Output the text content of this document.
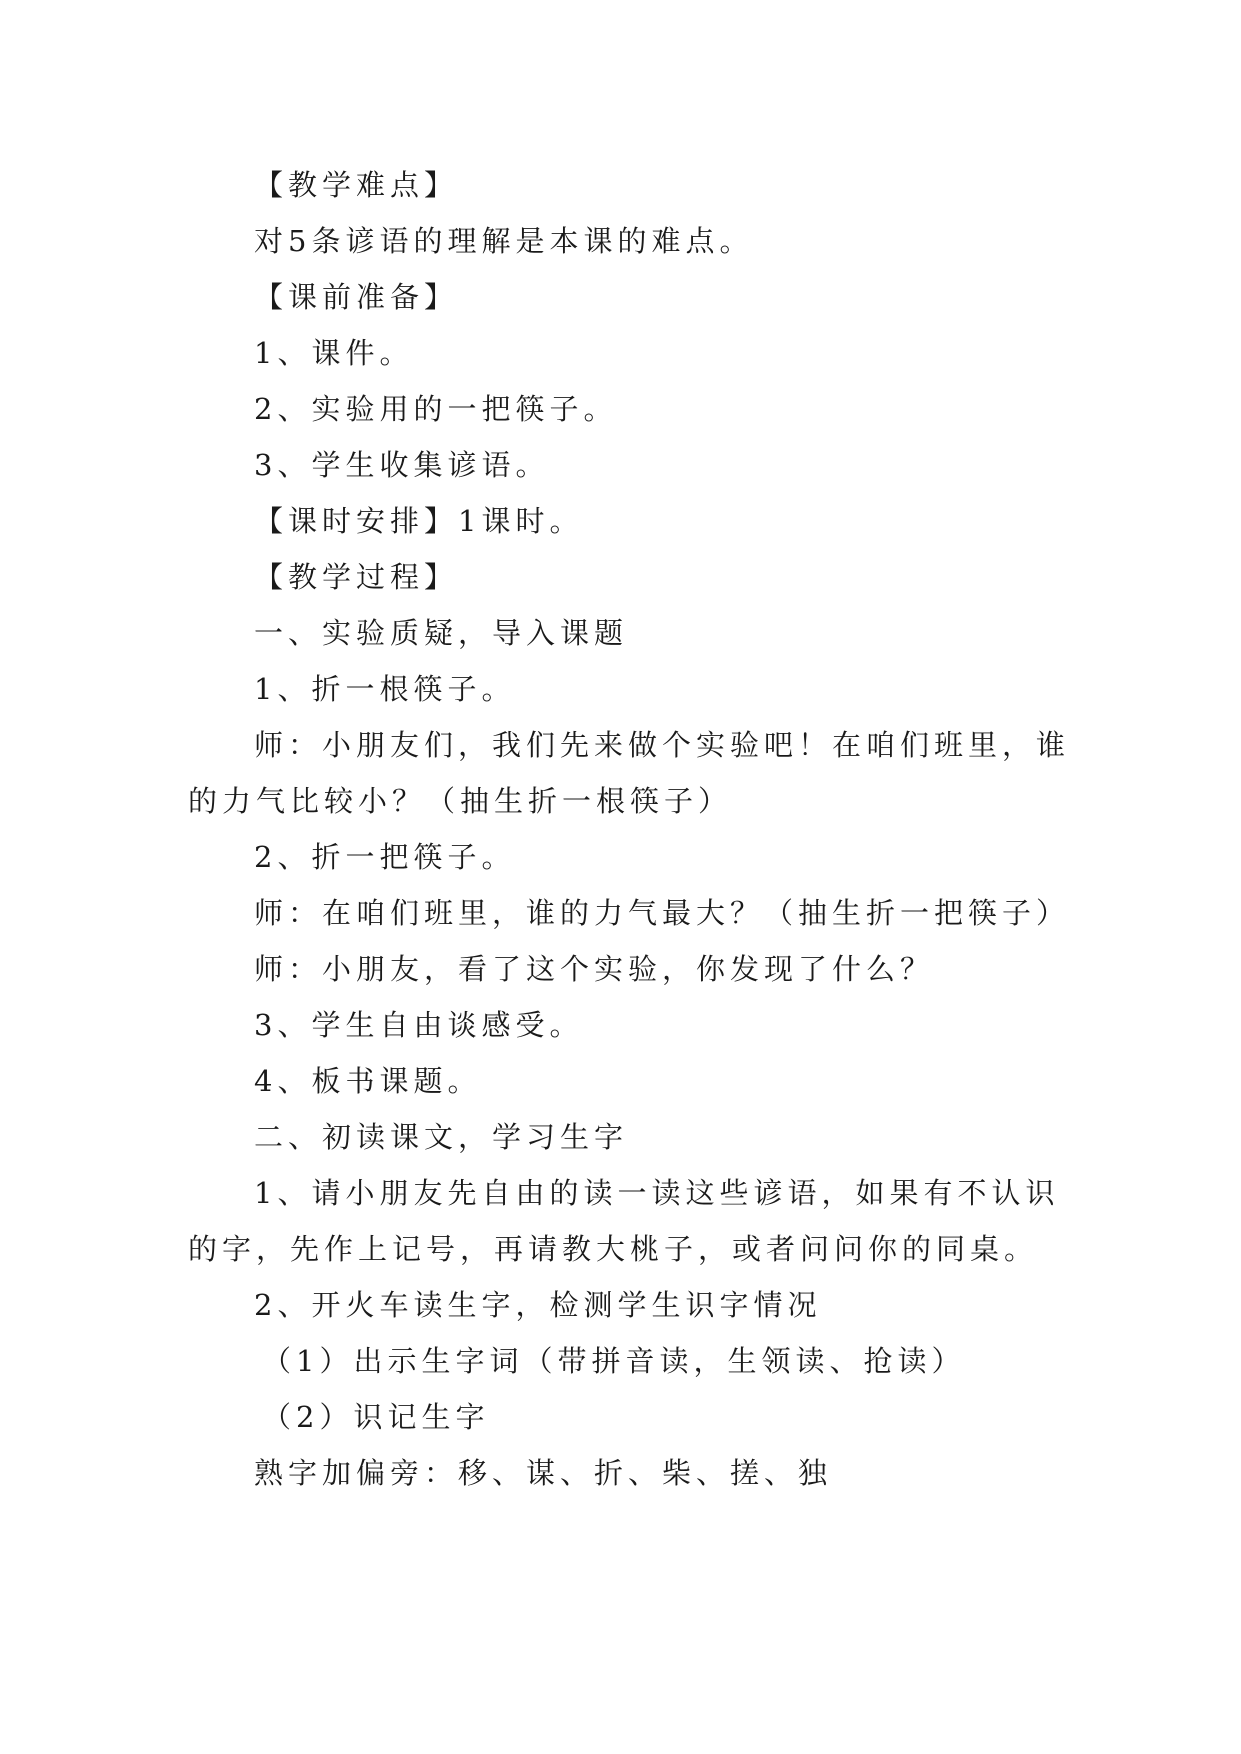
【教学难点】
对5条谚语的理解是本课的难点。
【课前准备】
1、课件。
2、实验用的一把筷子。
3、学生收集谚语。
【课时安排】1课时。
【教学过程】
一、实验质疑，导入课题
1、折一根筷子。
师：小朋友们，我们先来做个实验吧！在咱们班里，谁
的力气比较小？（抽生折一根筷子）
2、折一把筷子。
师：在咱们班里，谁的力气最大？（抽生折一把筷子）
师：小朋友，看了这个实验，你发现了什么？
3、学生自由谈感受。
4、板书课题。
二、初读课文，学习生字
1、请小朋友先自由的读一读这些谚语，如果有不认识
的字，先作上记号，再请教大桃子，或者问问你的同桌。
2、开火车读生字，检测学生识字情况
（1）出示生字词（带拼音读，生领读、抢读）
（2）识记生字
熟字加偏旁：移、谋、折、柴、搓、独
